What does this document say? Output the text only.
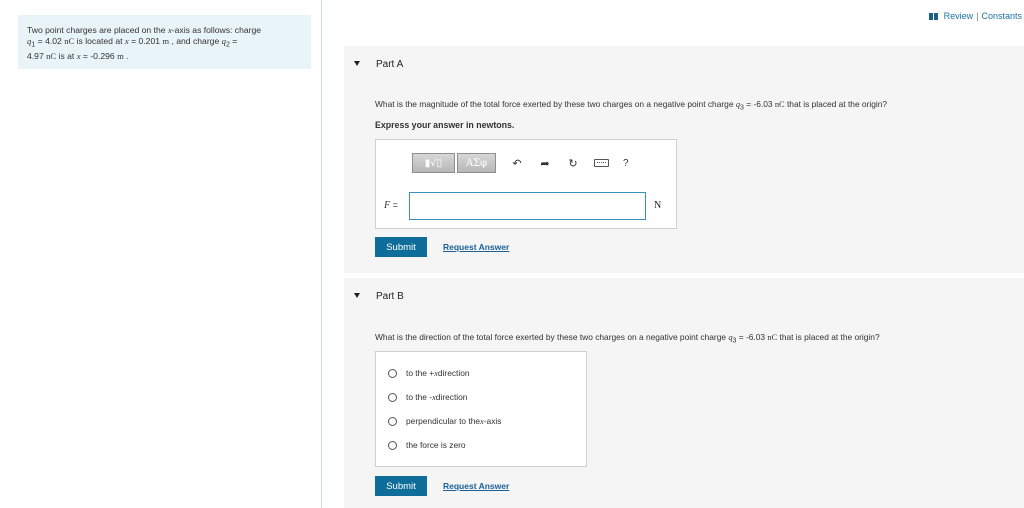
Two point charges are placed on the x-axis as follows: charge
$q_1 = 4.02$ nC is located at x = 0.201 m , and charge $q_2$ =
4.97 nC is at x = -0.296 m .
Review | Constants
Part A
What is the magnitude of the total force exerted by these two charges on a negative point charge $q_3 = -6.03$ nC that is placed at the origin?
Express your answer in newtons.
▮√▯	ΑΣφ	↶ ➦ ↻	?
F =	N
Submit	Request Answer
Part B
What is the direction of the total force exerted by these two charges on a negative point charge $q_3 = -6.03$ nC that is placed at the origin?
to the + x direction
to the - x direction
perpendicular to the x -axis
the force is zero
Submit	Request Answer
